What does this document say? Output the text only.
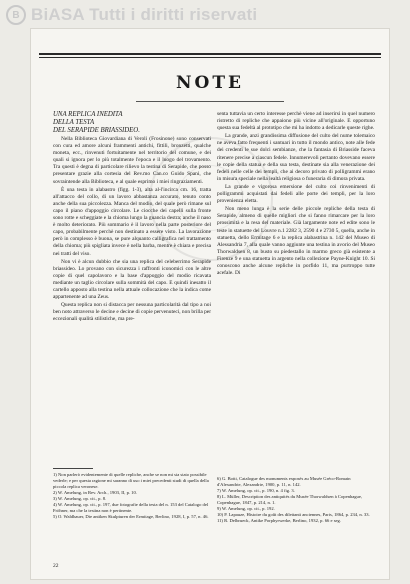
B BiASA Tutti i diritti riservati
NOTE

UNA REPLICA INEDITA
DELLA TESTA
DEL SERAPIDE BRIASSIDEO.

Nella Biblioteca Giovardiana di Veroli (Frosinone) sono conservati con cura ed amore alcuni frammenti antichi, fittili, bronzetti, qualche moneta, ecc., rinvenuti fortuitamente nel territorio del comune, e dei quali si ignora per lo più totalmente l'epoca e il luogo del trovamento. Tra questi è degna di particolare rilievo la testina di Serapide, che posso presentare grazie alla cortesia del Rev.mo Can.co Guido Spani, che sovraintende alla Biblioteca, e al quale esprimo i miei ringraziamenti.

È una testa in alabastro (figg. 1-3), alta al-l'incirca cm. 16, tratta all'attacco del collo, di un lavoro abbastanza accurato, tenuto conto anche della sua piccolezza. Manca del modio, del quale però rimane sul capo il piano d'appoggio circolare. Le ciocche dei capelli sulla fronte sono rotte e scheggiate e la chioma lungo la guancia destra; anche il naso è molto deteriorato. Più sommario è il lavoro nella parte posteriore del capo, probabilmente perchè non destinato a essere visto. La lavorazione però in complesso è buona, se pure alquanto calligrafica nel trattamento della chioma; più spigliata invece è nella barba, mentre è chiara e precisa nei tratti del viso.

Non vi è alcun dubbio che sia una replica del celeberrimo Serapide briassideo. Lo provano con sicurezza i raffronti iconomici con le altre copie di quel capolavoro e la base d'appoggio del modio ricavata mediante un taglio circolare sulla sommità del capo. E quindi inesatto il cartello apposto alla testina nella attuale collocazione che la indica come appartenente ad una Zeus.

Questa replica non si distacca per nessuna particolarità dal tipo a noi ben noto attraverso le decine e decine di copie pervenuteci, non brilla per eccezionali qualità stilistiche, ma pre-

senta tuttavia un certo interesse perchè viene ad inserirsi in quel numero ristretto di repliche che appaiono più vicine all'originale. E opportuno questa sua fedeltà al prototipo che mi ha indotto a dedicarle queste righe.

La grande, anzi grandissima diffusione del culto del nume tolemaico ne aveva fatto frequenti i santuari in tutto il mondo antico, note alle fede dei credenti le sue dolci sembianze, che la fantasia di Briasside faceva ritenere precise a ciascun fedele. Innumerevoli pertanto dovevano essere le copie della statua e della sua testa, destinate sia alla venerazione dei fedeli nelle celle dei templi, che ai decoro privato di polligrammi erano in misura speciale nella lealtà religiosa o funeraria di dimora privata.

La grande e vigorosa emersione del culto coi rinvenimenti di polligrammi acquistati dai fedeli alle porte dei templi, per la loro provenienza eletta.

Non meno lunga è la serie delle piccole repliche della testa di Serapide, almeno di quelle migliori che si fanno rimarcare per la loro prossimità e la resa del materiale. Già largamente note ed edite sono le teste in statuette del Louvre n.1 2282 3, 2590 4 e 2730 5, quella, anche in statuetta, dello Ermitage 6 e la replica alabastrina n. 142 del Museo di Alessandria 7, alla quale vanno aggiunte una testina in avorio del Museo Thorwaldsen 8, un busto su piedestallo in marmo greco già esistente a Firenze 9 e una statuetta in argento nella collezione Payne-Knight 10. Si conoscono anche alcune repliche in porfido 11, ma purtroppo tutte acefale. Di

1) Non parlerò evidentemente di quelle repliche, anche se non mi sia stato possibile vederle; e per questa ragione mi saranno di uso i miei precedenti studi di quella della piccola replica veronese.

2) W. Amelung, in Rev. Arch., 1903, II, p. 10.

3) W. Amelung, op. cit., p. 8.

4) W. Amelung, op. cit., p. 197, due fotografie della testa del n. 153 del Catalogo del Fröhner, ma che la testina non è pertinente.

5) O. Waldhauer, Die antiken Skulpturen der Ermitage, Berlino, 1928, I, p. 57, n. 46.

6) G. Botti, Catalogue des monuments exposés au Musée Gréco-Romain d'Alexandrie, Alexandrie, 1900, p. 11, n. 142.

7) W. Amelung, op. cit., p. 190, n. 4 fig. 3.

8) L. Müller, Description des antiquités du Musée Thorwaldsen à Copenhague, Copenhague, 1847, p. 214, n. 1.

9) W. Amelung, op. cit., p. 192.

10) P. Lapauze, Histoire du goût des dilettanti anciennes, Paris, 1864, p. 234, n. 33.

11) R. Delbrueck, Antike Porphyrwerke, Berlino, 1932, p. 66 e seg.

22
